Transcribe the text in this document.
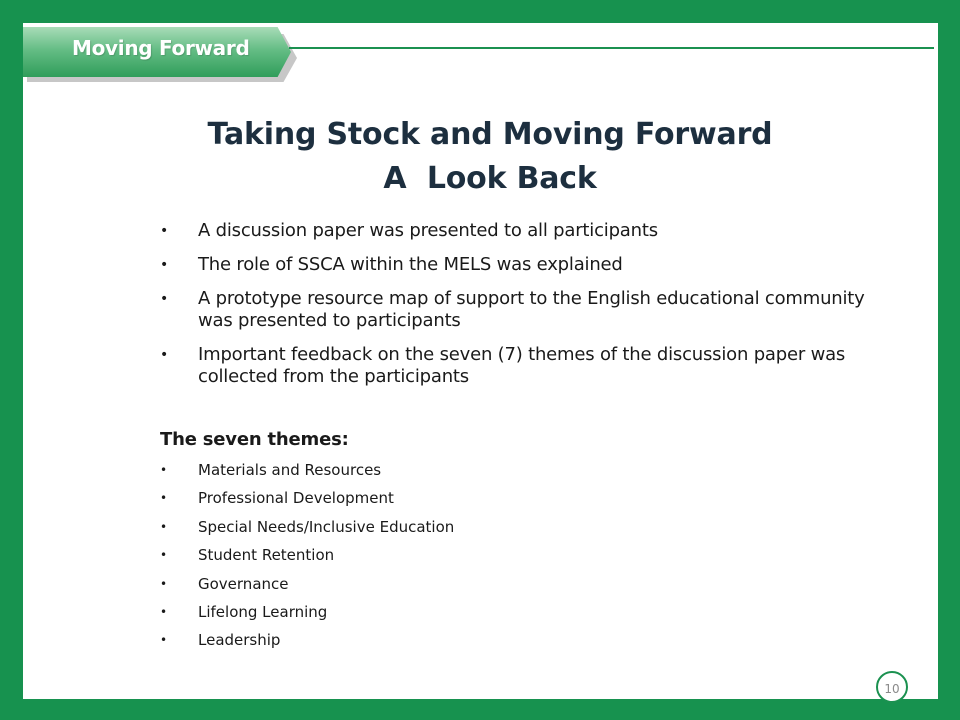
Moving Forward
Taking Stock and Moving Forward
A  Look Back
• A discussion paper was presented to all participants
• The role of SSCA within the MELS was explained
• A prototype resource map of support to the English educational community was presented to participants
• Important feedback on the seven (7) themes of the discussion paper was collected from the participants
The seven themes:
• Materials and Resources
• Professional Development
• Special Needs/Inclusive Education
• Student Retention
• Governance
• Lifelong Learning
• Leadership
10
